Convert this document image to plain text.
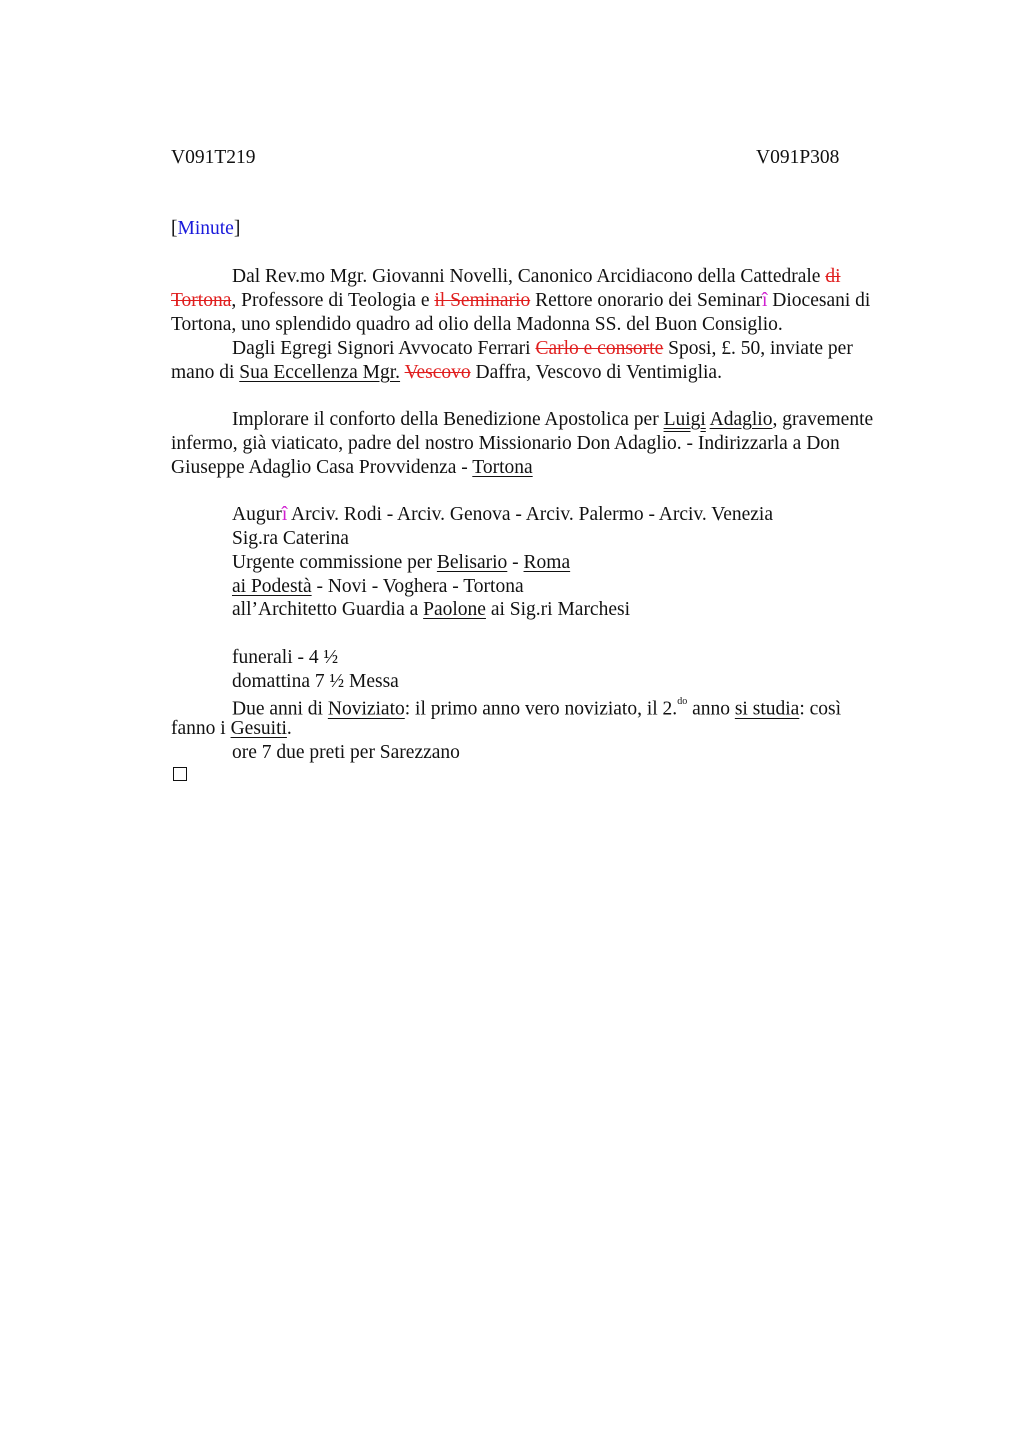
V091T219	V091P308
[Minute]
Dal Rev.mo Mgr. Giovanni Novelli, Canonico Arcidiacono della Cattedrale di
Tortona, Professore di Teologia e il Seminario Rettore onorario dei Seminarî Diocesani di
Tortona, uno splendido quadro ad olio della Madonna SS. del Buon Consiglio.
Dagli Egregi Signori Avvocato Ferrari Carlo e consorte Sposi, £. 50, inviate per
mano di Sua Eccellenza Mgr. Vescovo Daffra, Vescovo di Ventimiglia.
Implorare il conforto della Benedizione Apostolica per Luigi Adaglio, gravemente
infermo, già viaticato, padre del nostro Missionario Don Adaglio. - Indirizzarla a Don
Giuseppe Adaglio Casa Provvidenza - Tortona
Augurî Arciv. Rodi - Arciv. Genova - Arciv. Palermo - Arciv. Venezia
Sig.ra Caterina
Urgente commissione per Belisario - Roma
ai Podestà - Novi - Voghera - Tortona
all’Architetto Guardia a Paolone ai Sig.ri Marchesi
funerali - 4 ½
domattina 7 ½ Messa
Due anni di Noviziato: il primo anno vero noviziato, il 2.$^{do}$ anno si studia: così
fanno i Gesuiti.
ore 7 due preti per Sarezzano
